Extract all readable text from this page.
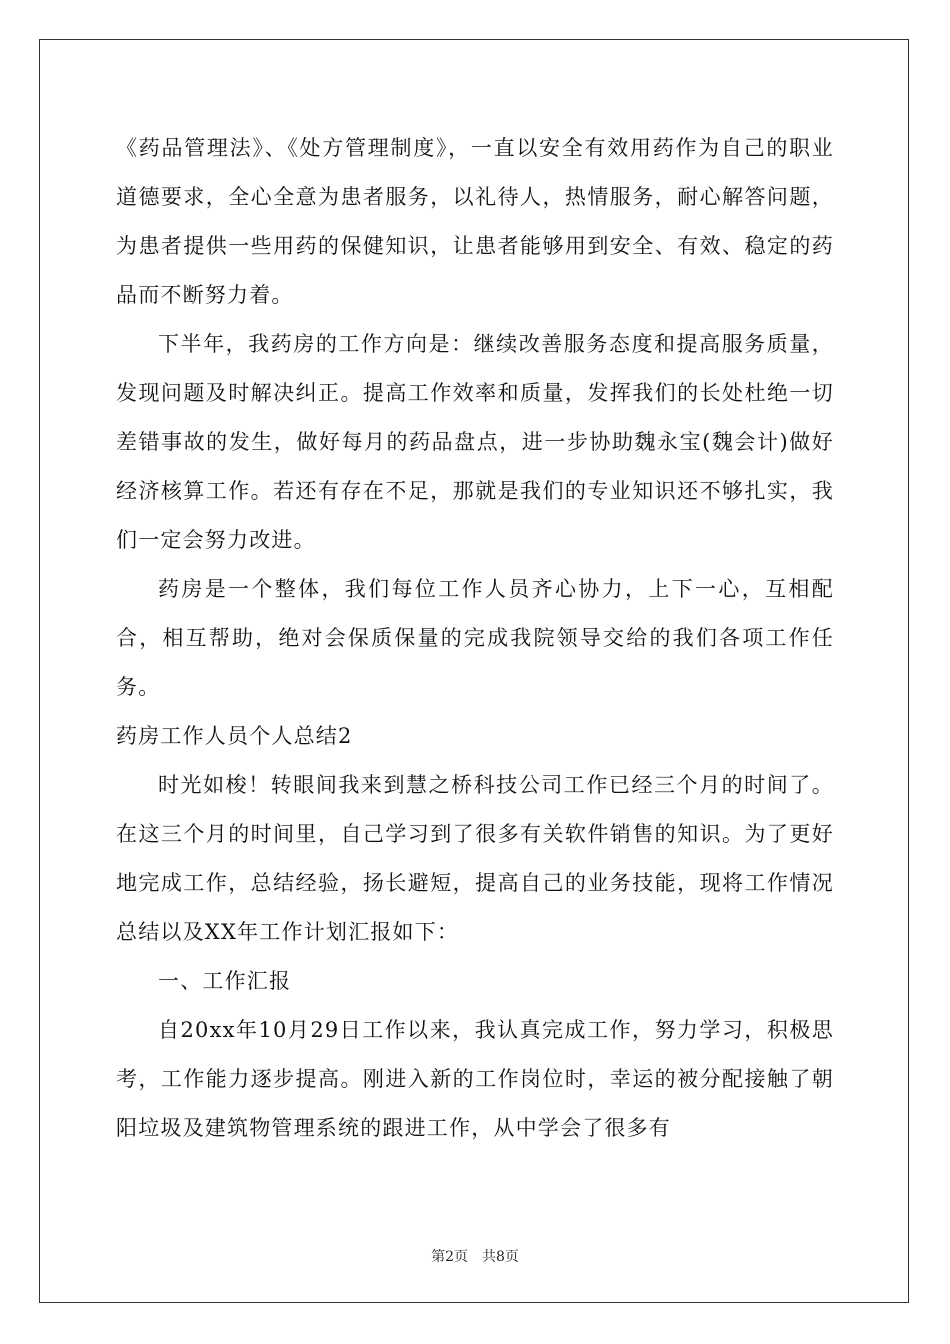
《药品管理法》、《处方管理制度》，一直以安全有效用药作为自己的职业道德要求，全心全意为患者服务，以礼待人，热情服务，耐心解答问题，为患者提供一些用药的保健知识，让患者能够用到安全、有效、稳定的药品而不断努力着。

下半年，我药房的工作方向是：继续改善服务态度和提高服务质量，发现问题及时解决纠正。提高工作效率和质量，发挥我们的长处杜绝一切差错事故的发生，做好每月的药品盘点，进一步协助魏永宝(魏会计)做好经济核算工作。若还有存在不足，那就是我们的专业知识还不够扎实，我们一定会努力改进。

药房是一个整体，我们每位工作人员齐心协力，上下一心，互相配合，相互帮助，绝对会保质保量的完成我院领导交给的我们各项工作任务。

药房工作人员个人总结2

时光如梭！转眼间我来到慧之桥科技公司工作已经三个月的时间了。在这三个月的时间里，自己学习到了很多有关软件销售的知识。为了更好地完成工作，总结经验，扬长避短，提高自己的业务技能，现将工作情况总结以及XX年工作计划汇报如下：

一、工作汇报

自20xx年10月29日工作以来，我认真完成工作，努力学习，积极思考，工作能力逐步提高。刚进入新的工作岗位时，幸运的被分配接触了朝阳垃圾及建筑物管理系统的跟进工作，从中学会了很多有

第2页　共8页
